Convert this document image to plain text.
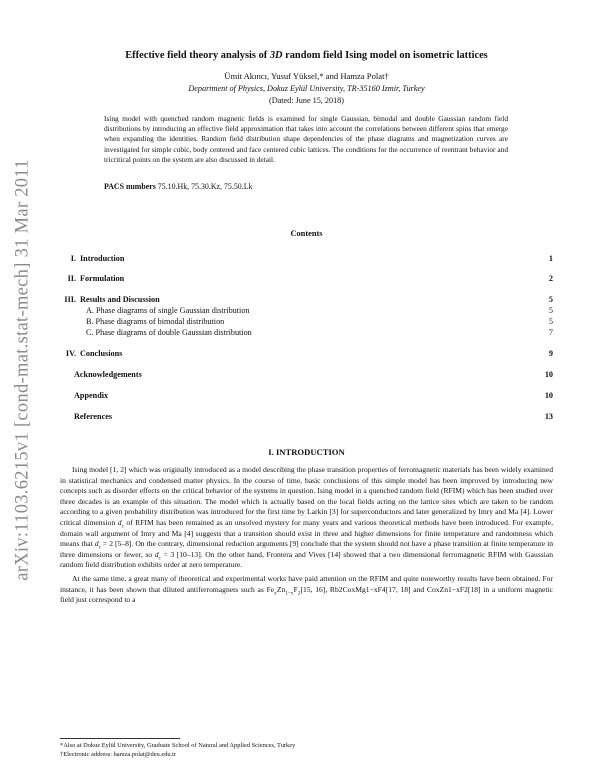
arXiv:1103.6215v1 [cond-mat.stat-mech] 31 Mar 2011
Effective field theory analysis of 3D random field Ising model on isometric lattices
Ümit Akıncı, Yusuf Yüksel,* and Hamza Polat†
Department of Physics, Dokuz Eylül University, TR-35160 Izmir, Turkey
(Dated: June 15, 2018)
Ising model with quenched random magnetic fields is examined for single Gaussian, bimodal and double Gaussian random field distributions by introducing an effective field approximation that takes into account the correlations between different spins that emerge when expanding the identities. Random field distribution shape dependencies of the phase diagrams and magnetization curves are investigated for simple cubic, body centered and face centered cubic lattices. The conditions for the occurrence of reentrant behavior and tricritical points on the system are also discussed in detail.
PACS numbers 75.10.Hk, 75.30.Kz, 75.50.Lk
Contents
I. Introduction	1
II. Formulation	2
III. Results and Discussion	5
A. Phase diagrams of single Gaussian distribution	5
B. Phase diagrams of bimodal distribution	5
C. Phase diagrams of double Gaussian distribution	7
IV. Conclusions	9
Acknowledgements	10
Appendix	10
References	13
I. INTRODUCTION

Ising model [1, 2] which was originally introduced as a model describing the phase transition properties of ferromagnetic materials has been widely examined in statistical mechanics and condensed matter physics. In the course of time, basic conclusions of this simple model has been improved by introducing new concepts such as disorder effects on the critical behavior of the systems in question. Ising model in a quenched random field (RFIM) which has been studied over three decades is an example of this situation. The model which is actually based on the local fields acting on the lattice sites which are taken to be random according to a given probability distribution was introduced for the first time by Larkin [3] for superconductors and later generalized by Imry and Ma [4]. Lower critical dimension $d_c$ of RFIM has been remained as an unsolved mystery for many years and various theoretical methods have been introduced. For example, domain wall argument of Imry and Ma [4] suggests that a transition should exist in three and higher dimensions for finite temperature and randomness which means that $d_c = 2$ [5–8]. On the contrary, dimensional reduction arguments [9] conclude that the system should not have a phase transition at finite temperature in three dimensions or fewer, so $d_c = 3$ [10–13]. On the other hand, Frontera and Vives [14] showed that a two dimensional ferromagnetic RFIM with Gaussian random field distribution exhibits order at zero temperature.

At the same time, a great many of theoretical and experimental works have paid attention on the RFIM and quite noteworthy results have been obtained. For instance, it has been shown that diluted antiferromagnets such as $Fe_xZn_{1-x}F_2[15$, 16], Rb2CoxMg1−xF4[17, 18] and CoxZn1−xF2[18] in a uniform magnetic field just correspond to a

*Also at Dokuz Eylül University, Graduate School of Natural and Applied Sciences, Turkey
†Electronic address: hamza.polat@deu.edu.tr
